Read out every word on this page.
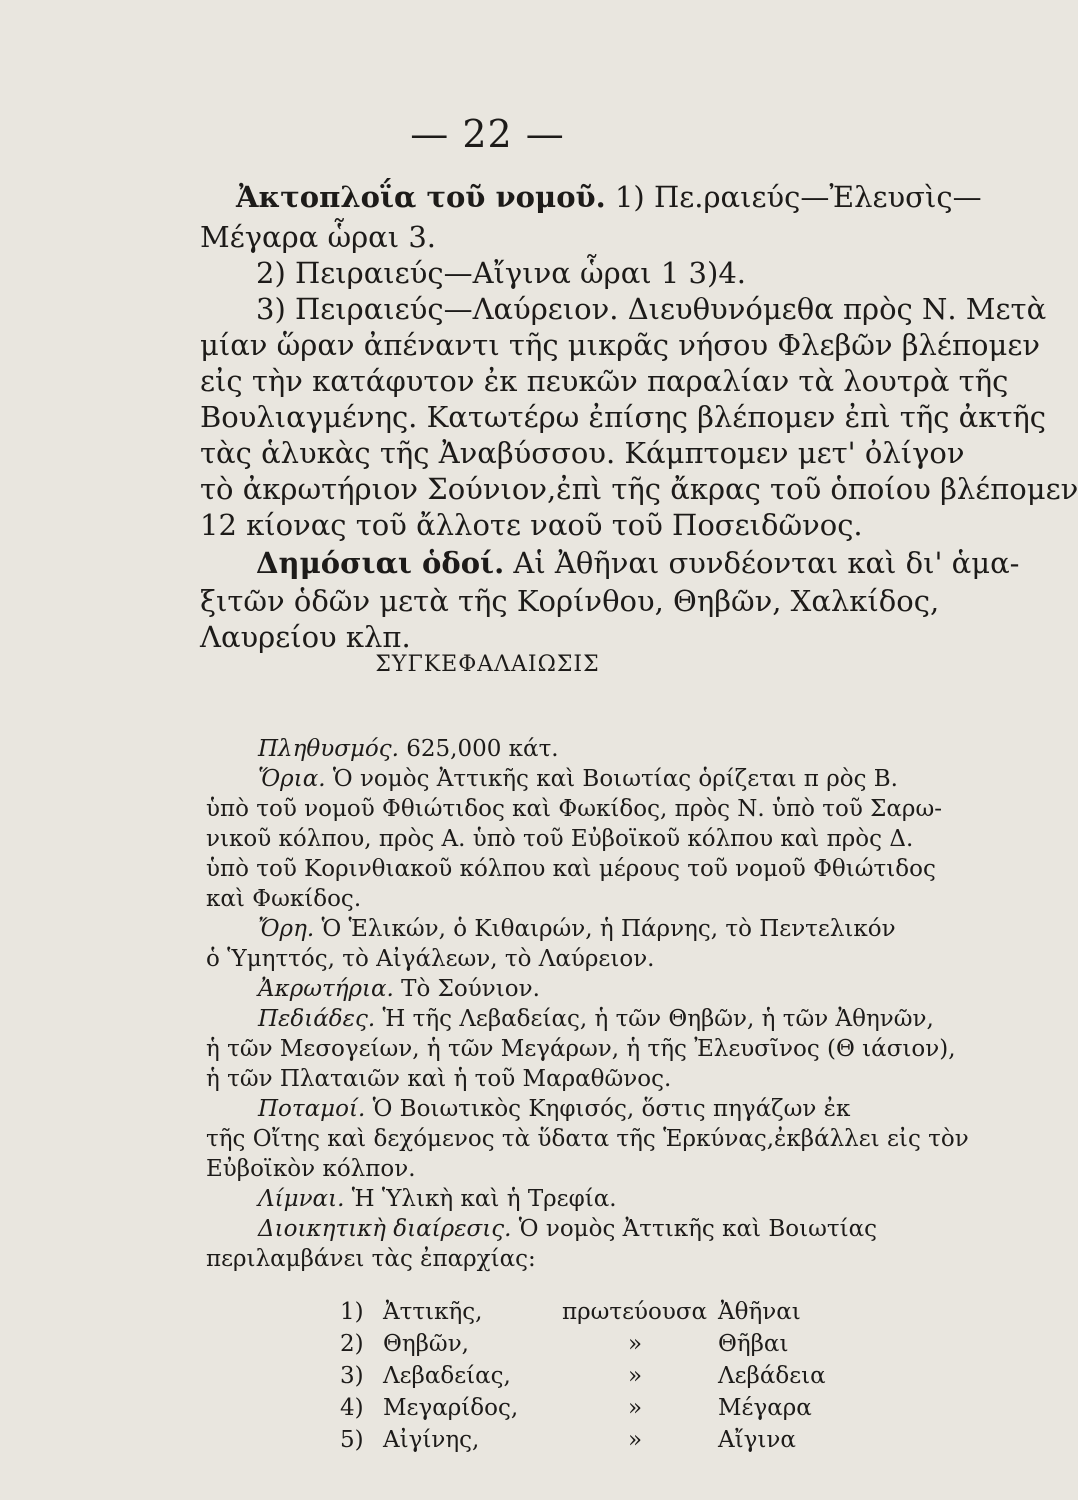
— 22 —
Ἀκτοπλοΐα τοῦ νομοῦ. 1) Πε.ραιεύς—Ἐλευσὶς—
Μέγαρα ὧραι 3.
2) Πειραιεύς—Αἴγινα ὧραι 1 3)4.
3) Πειραιεύς—Λαύρειον. Διευθυνόμεθα πρὸς Ν. Μετὰ
μίαν ὥραν ἀπέναντι τῆς μικρᾶς νήσου Φλεβῶν βλέπομεν
εἰς τὴν κατάφυτον ἐκ πευκῶν παραλίαν τὰ λουτρὰ τῆς
Βουλιαγμένης. Κατωτέρω ἐπίσης βλέπομεν ἐπὶ τῆς ἀκτῆς
τὰς ἁλυκὰς τῆς Ἀναβύσσου. Κάμπτομεν μετ' ὀλίγον
τὸ ἀκρωτήριον Σούνιον,ἐπὶ τῆς ἄκρας τοῦ ὁποίου βλέπομεν
12 κίονας τοῦ ἄλλοτε ναοῦ τοῦ Ποσειδῶνος.
Δημόσιαι ὁδοί. Αἱ Ἀθῆναι συνδέονται καὶ δι' ἁμα-
ξιτῶν ὁδῶν μετὰ τῆς Κορίνθου, Θηβῶν, Χαλκίδος,
Λαυρείου κλπ.
ΣΥΓΚΕΦΑΛΑΙΩΣΙΣ
Πληθυσμός. 625,000 κάτ.
Ὅρια. Ὁ νομὸς Ἀττικῆς καὶ Βοιωτίας ὁρίζεται π ρὸς Β.
ὑπὸ τοῦ νομοῦ Φθιώτιδος καὶ Φωκίδος, πρὸς Ν. ὑπὸ τοῦ Σαρω-
νικοῦ κόλπου, πρὸς Α. ὑπὸ τοῦ Εὐβοϊκοῦ κόλπου καὶ πρὸς Δ.
ὑπὸ τοῦ Κορινθιακοῦ κόλπου καὶ μέρους τοῦ νομοῦ Φθιώτιδος
καὶ Φωκίδος.
Ὄρη. Ὁ Ἑλικών, ὁ Κιθαιρών, ἡ Πάρνης, τὸ Πεντελικόν
ὁ Ὑμηττός, τὸ Αἰγάλεων, τὸ Λαύρειον.
Ἀκρωτήρια. Τὸ Σούνιον.
Πεδιάδες. Ἡ τῆς Λεβαδείας, ἡ τῶν Θηβῶν, ἡ τῶν Ἀθηνῶν,
ἡ τῶν Μεσογείων, ἡ τῶν Μεγάρων, ἡ τῆς Ἐλευσῖνος (Θ ιάσιον),
ἡ τῶν Πλαταιῶν καὶ ἡ τοῦ Μαραθῶνος.
Ποταμοί. Ὁ Βοιωτικὸς Κηφισός, ὅστις πηγάζων ἐκ
τῆς Οἴτης καὶ δεχόμενος τὰ ὕδατα τῆς Ἑρκύνας,ἐκβάλλει εἰς τὸν
Εὐβοϊκὸν κόλπον.
Λίμναι. Ἡ Ὑλικὴ καὶ ἡ Τρεφία.
Διοικητικὴ διαίρεσις. Ὁ νομὸς Ἀττικῆς καὶ Βοιωτίας
περιλαμβάνει τὰς ἐπαρχίας:
1) Ἀττικῆς,	πρωτεύουσα Ἀθῆναι
2) Θηβῶν,	»	Θῆβαι
3) Λεβαδείας,	»	Λεβάδεια
4) Μεγαρίδος,	»	Μέγαρα
5) Αἰγίνης,	»	Αἴγινα
